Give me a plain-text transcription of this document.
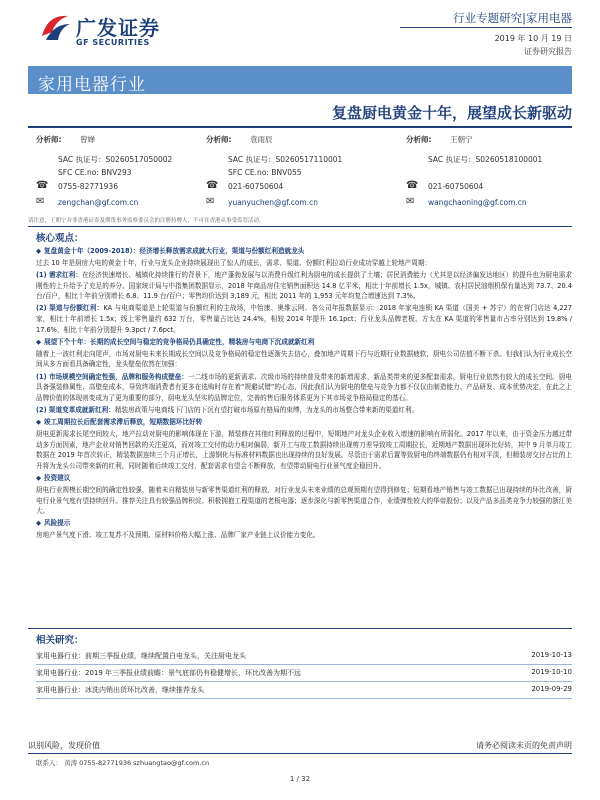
广发证券
GF SECURITIES
行业专题研究|家用电器
2019 年 10 月 19 日
证券研究报告
家用电器行业
复盘厨电黄金十年，展望成长新驱动
分析师: 曾婵
SAC 执证号：S0260517050002
SFC CE.no: BNV293
☎ 0755-82771936
✉ zengchan@gf.com.cn
分析师: 袁雨辰
SAC 执证号：S0260517110001
SFC CE.no: BNV055
☎ 021-60750604
✉ yuanyuchen@gf.com.cn
分析师: 王朝宁
SAC 执证号：S0260518100001
☎ 021-60750604
✉ wangchaoning@gf.com.cn
请注意，王朝宁并非香港证券及期货事务监察委员会的注册持牌人，不可在香港从事受监管活动。
核心观点：

◆ 复盘黄金十年（2009-2018）：经济增长释放需求成就大行业，渠道与份额红利造就龙头

过去 10 年是厨房大电的黄金十年，行业与龙头企业持续展现出了惊人的成长，需求、渠道、份额红利拉动行业成功穿越上轮地产周期：

(1) 需求红利：在经济快速增长、城镇化持续推行的背景下，地产蓬勃发展与以消费升级红利为厨电的成长提供了土壤；居民消费能力（尤其是以经济偏发达地区）的提升也为厨电需求刚性的上升给予了充足的养分。国家统计局与中指集团数据显示，2018 年商品房住宅销售面积达 14.8 亿平米，相比十年前增长 1.5x，城镇、农村居民油烟机保有量达到 73.7、20.4 台/百户，相比十年前分别增长 6.8、11.9 台/百户；零售均价达到 3,189 元，相比 2011 年的 1,953 元年均复合增速达到 7.3%。

(2) 渠道与份额红利：KA 与电商渠道是上轮渠道与份额红利的主战场，中怡康、奥维云网、各公司年报数据显示：2018 年家电连锁 KA 渠道（国美 + 苏宁）的在营门店达 4,227 家，相比十年前增长 1.5x；线上零售量约 632 万台，零售量占比达 24.4%，相较 2014 年提升 16.1pct；行业龙头品牌老板、方太在 KA 渠道的零售量市占率分别达到 19.8% / 17.6%，相比十年前分别提升 9.3pct / 7.6pct。

◆ 展望下个十年：长期的成长空间与稳定的竞争格局仍具确定性，精装房与电商下沉成就新红利

随着上一波红利走向尾声，市场对厨电未来长期成长空间以及竞争格局的稳定性逐渐失去信心，叠加地产周期下行与近期行业数据疲软，厨电公司估值不断下杀。但我们认为行业成长空间从多方面看具备确定性，龙头壁垒依然在加强：

(1) 市场规模空间确定性强，品牌和服务构成壁垒：一二线市场的更新需求、次级市场的持续普及带来的新增需求、新品类带来的更多配套需求，厨电行业依然有较大的成长空间。厨电具备强装修属性、高壁垒成本，导致终端消费者有更多在选购时存在着“规避试错”的心态，因此我们认为厨电的壁垒与竞争力都不仅仅由制造能力、产品研发、成本优势决定，在此之上品牌价值的体现则变成为了更为重要的部分，厨电龙头坚实的品牌定位，完善的售后服务体系更为下其市场竞争格局稳定的基石。

(2) 渠道变革成就新红利：精装房政策与电商线下门店的下沉有望打破市场原有格局的束缚，为龙头的市场整合带来新的渠道红利。

◆ 竣工周期拉长后配套需求滞后释放，短期数据环比好转

厨电更新需求长尾空间较大，地产拉动对厨电的影响体现在下游，精装修在其他红利释放的过程中，短期地产对龙头企业收入增速的影响有所弱化。2017 年以来，由于资金压力越过带动多方面因素，地产企业对销售回款的关注更高，而对竣工交付的动力相对偏弱，新开工与竣工数据持续出现剪刀差导致竣工周期拉长，近期地产数据出现环比好转，其中 9 月单月竣工数据在 2019 年首次转正，精装数据连续三个月正增长，上游钢化与标准材料数据也出现持续的良好发展。尽管由于需求后置等致厨电的终端数据仍有相对平淡，但精装房交付占比的上升将为龙头公司带来新的红利，同时随着后续竣工交付，配套需求有望会不断释放，有望带动厨电行业景气度企稳回升。

◆ 投资建议

厨电行业规模长期空间的确定性较强，随着未自精装房与新零售渠道红利的释放，对行业龙头未来业绩的总观预期有望得到修复；短期看地产销售与竣工数据已出现持续的环比改善，厨电行业景气度有望持续回升。推荐关注具有较强品牌积淀、积极拥抱工程渠道的老板电器；逐步深化与新零售渠道合作，业绩弹性较大的华帝股份；以及产品多品类竞争力较强的浙江美大。

◆ 风险提示

房地产景气度下滑、竣工复苏不及预期、原材料价格大幅上涨、品牌厂家产业链上议价能力变化。

相关研究：
家用电器行业：前期三季报业绩，继续配置白电龙头，关注厨电龙头	2019-10-13
家用电器行业：2019 年三季报业绩前瞻：景气底部仍有稳健增长，环比改善为期不远	2019-10-10
家用电器行业：冰洗内销出货环比改善，继续推荐龙头	2019-09-29
识别风险，发现价值	请务必阅读末页的免责声明
联系人： 黄涛 0755-82771936 szhuangtao@gf.com.cn
1 / 32
